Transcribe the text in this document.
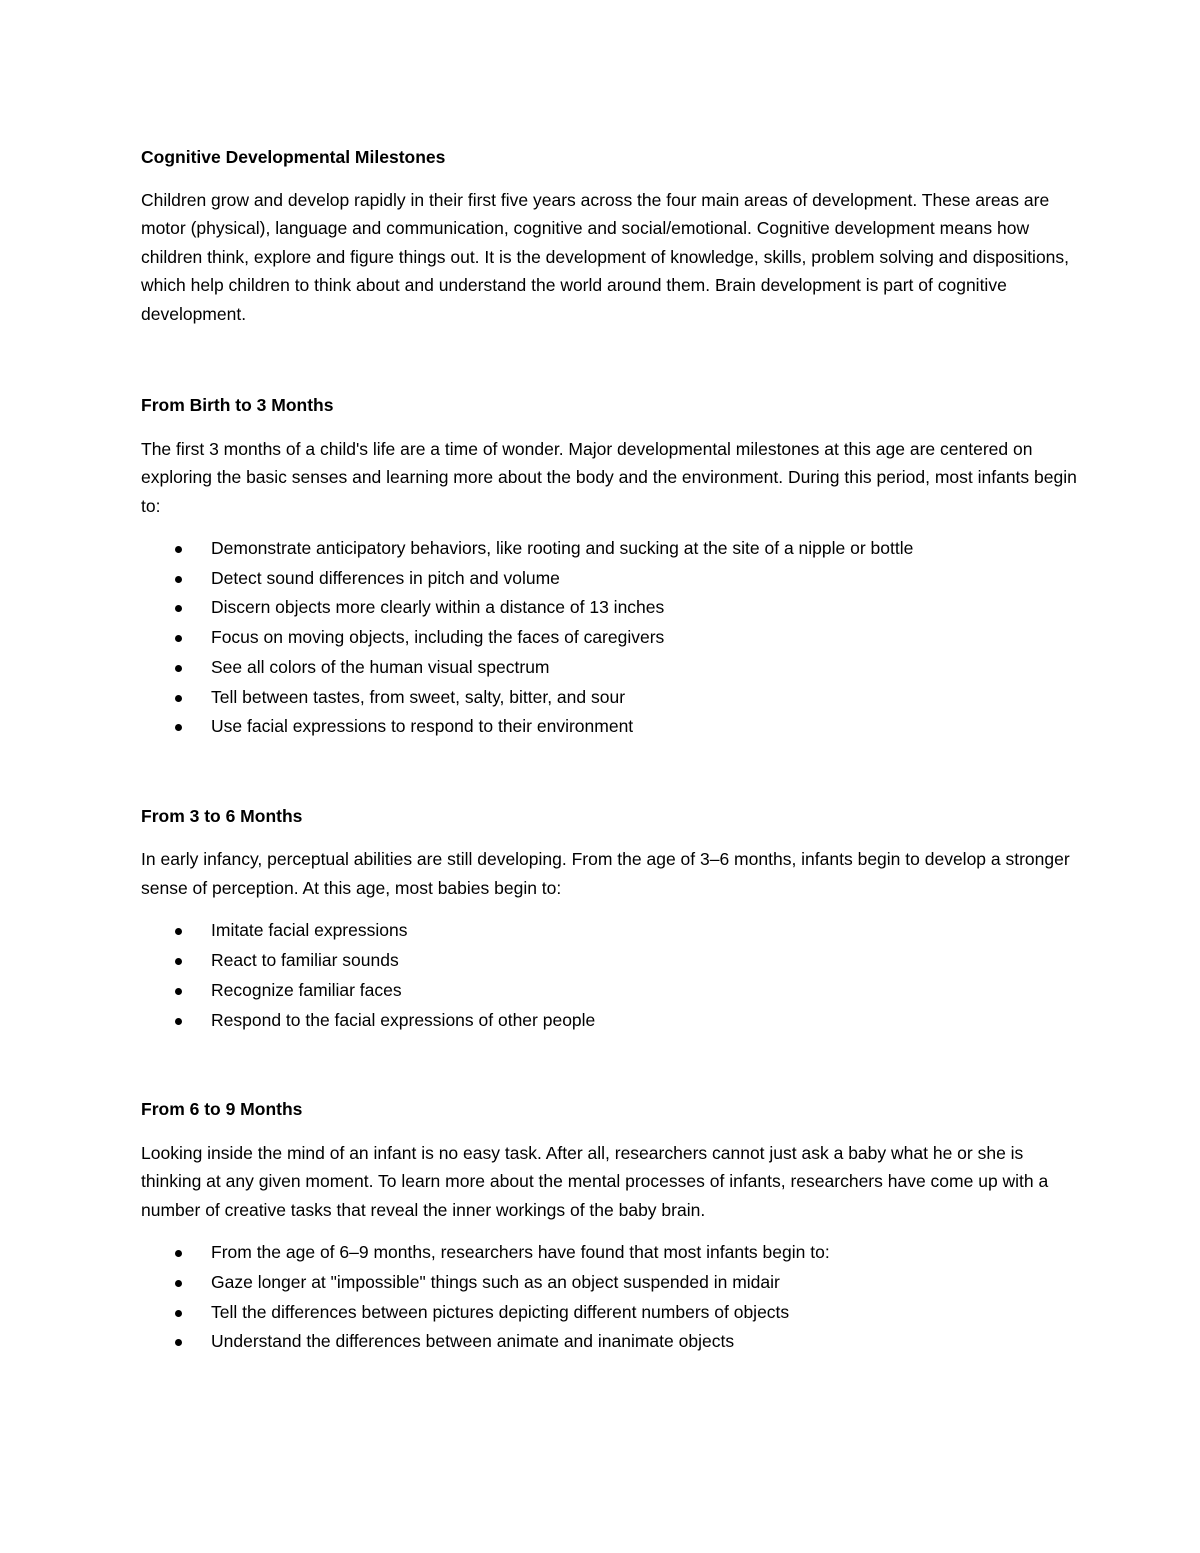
Cognitive Developmental Milestones

Children grow and develop rapidly in their first five years across the four main areas of development. These areas are motor (physical), language and communication, cognitive and social/emotional. Cognitive development means how children think, explore and figure things out. It is the development of knowledge, skills, problem solving and dispositions, which help children to think about and understand the world around them. Brain development is part of cognitive development.

From Birth to 3 Months

The first 3 months of a child's life are a time of wonder. Major developmental milestones at this age are centered on exploring the basic senses and learning more about the body and the environment. During this period, most infants begin to:

Demonstrate anticipatory behaviors, like rooting and sucking at the site of a nipple or bottle
Detect sound differences in pitch and volume
Discern objects more clearly within a distance of 13 inches
Focus on moving objects, including the faces of caregivers
See all colors of the human visual spectrum
Tell between tastes, from sweet, salty, bitter, and sour
Use facial expressions to respond to their environment
From 3 to 6 Months

In early infancy, perceptual abilities are still developing. From the age of 3–6 months, infants begin to develop a stronger sense of perception. At this age, most babies begin to:

Imitate facial expressions
React to familiar sounds
Recognize familiar faces
Respond to the facial expressions of other people
From 6 to 9 Months

Looking inside the mind of an infant is no easy task. After all, researchers cannot just ask a baby what he or she is thinking at any given moment. To learn more about the mental processes of infants, researchers have come up with a number of creative tasks that reveal the inner workings of the baby brain.

From the age of 6–9 months, researchers have found that most infants begin to:
Gaze longer at "impossible" things such as an object suspended in midair
Tell the differences between pictures depicting different numbers of objects
Understand the differences between animate and inanimate objects
